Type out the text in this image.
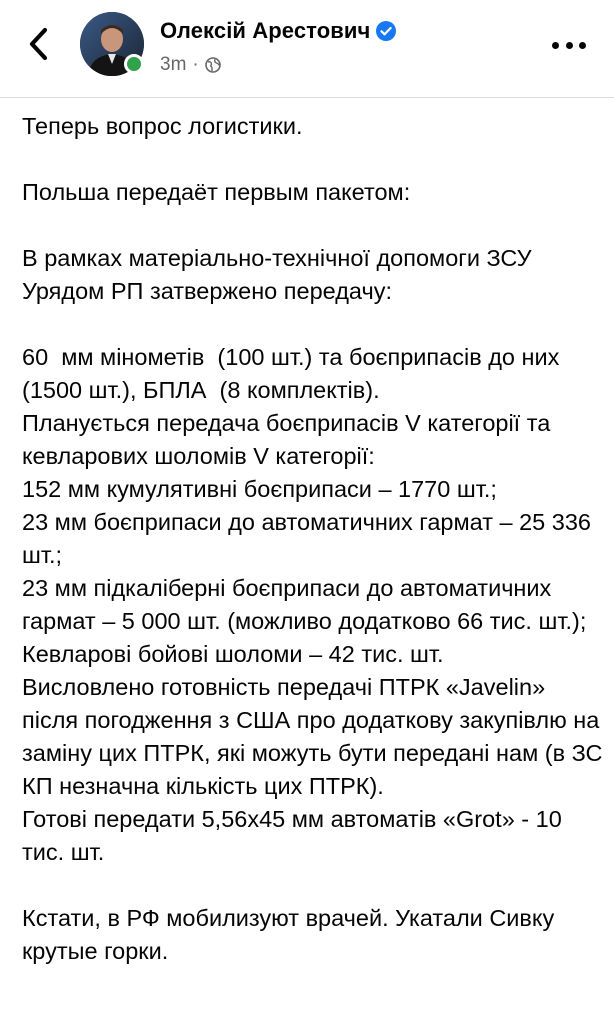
Олексій Арестович
3m ·

Теперь вопрос логистики.

Польша передаёт первым пакетом:

В рамках матеріально-технічної допомоги ЗСУ Урядом РП затвержено передачу:

60  мм мінометів  (100 шт.) та боєприпасів до них (1500 шт.), БПЛА  (8 комплектів).
Планується передача боєприпасів V категорії та кевларових шоломів V категорії:
152 мм кумулятивні боєприпаси – 1770 шт.;
23 мм боєприпаси до автоматичних гармат – 25 336 шт.;
23 мм підкаліберні боєприпаси до автоматичних гармат – 5 000 шт. (можливо додатково 66 тис. шт.);
Кевларові бойові шоломи – 42 тис. шт.
Висловлено готовність передачі ПТРК «Javelin» після погодження з США про додаткову закупівлю на заміну цих ПТРК, які можуть бути передані нам (в ЗС КП незначна кількість цих ПТРК).
Готові передати 5,56х45 мм автоматів «Grot» - 10 тис. шт.

Кстати, в РФ мобилизуют врачей. Укатали Сивку крутые горки.
